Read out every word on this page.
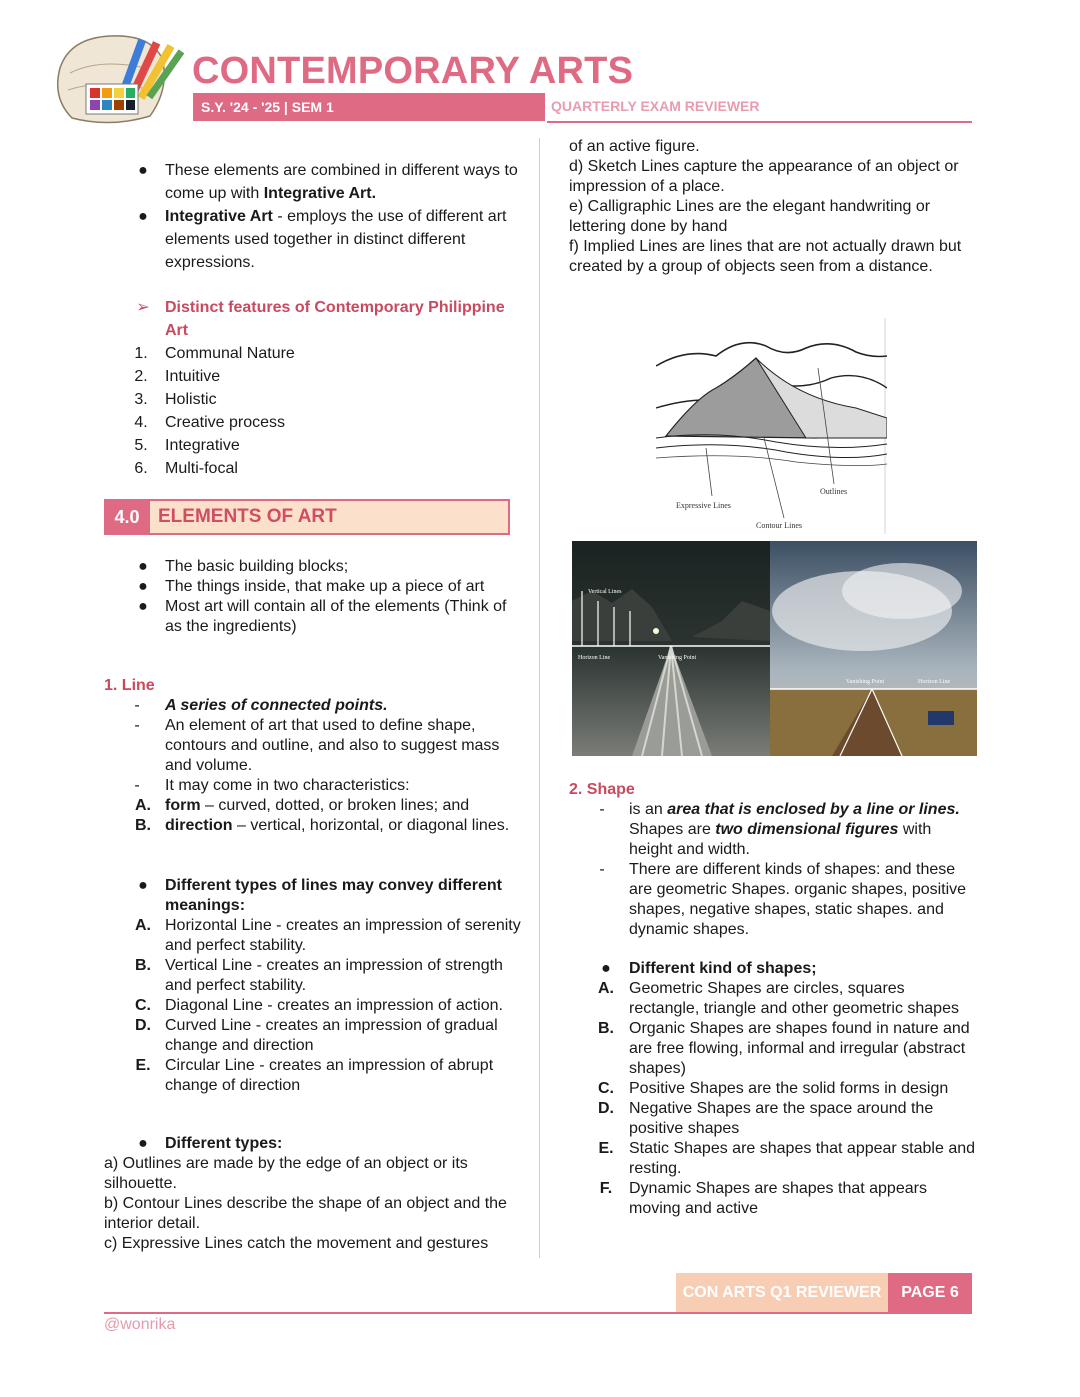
CONTEMPORARY ARTS
S.Y. '24 - '25 | SEM 1	QUARTERLY EXAM REVIEWER
●	These elements are combined in different ways to come up with Integrative Art.
●	Integrative Art - employs the use of different art elements used together in distinct different expressions.
➢ Distinct features of Contemporary Philippine Art
1. Communal Nature
2. Intuitive
3. Holistic
4. Creative process
5. Integrative
6. Multi-focal
4.0 ELEMENTS OF ART
●	The basic building blocks;
●	The things inside, that make up a piece of art
●	Most art will contain all of the elements (Think of as the ingredients)
1. Line
-	A series of connected points.
-	An element of art that used to define shape, contours and outline, and also to suggest mass and volume.
-	It may come in two characteristics:
A. form – curved, dotted, or broken lines; and
B. direction – vertical, horizontal, or diagonal lines.
●	Different types of lines may convey different meanings:
A. Horizontal Line - creates an impression of serenity and perfect stability.
B. Vertical Line - creates an impression of strength and perfect stability.
C. Diagonal Line - creates an impression of action.
D. Curved Line - creates an impression of gradual change and direction
E. Circular Line - creates an impression of abrupt change of direction
●	Different types:
a) Outlines are made by the edge of an object or its silhouette.
b) Contour Lines describe the shape of an object and the interior detail.
c) Expressive Lines catch the movement and gestures
of an active figure.
d) Sketch Lines capture the appearance of an object or impression of a place.
e) Calligraphic Lines are the elegant handwriting or lettering done by hand
f) Implied Lines are lines that are not actually drawn but created by a group of objects seen from a distance.
Expressive Lines
Outlines
Contour Lines
Vertical Lines
Horizon Line	Vanishing Point
Vanishing Point	Horizon Line
2. Shape
-	is an area that is enclosed by a line or lines. Shapes are two dimensional figures with height and width.
-	There are different kinds of shapes: and these are geometric Shapes. organic shapes, positive shapes, negative shapes, static shapes. and dynamic shapes.
●	Different kind of shapes;
A. Geometric Shapes are circles, squares rectangle, triangle and other geometric shapes
B. Organic Shapes are shapes found in nature and are free flowing, informal and irregular (abstract shapes)
C. Positive Shapes are the solid forms in design
D. Negative Shapes are the space around the positive shapes
E. Static Shapes are shapes that appear stable and resting.
F. Dynamic Shapes are shapes that appears moving and active
CON ARTS Q1 REVIEWER	PAGE 6
@wonrika
